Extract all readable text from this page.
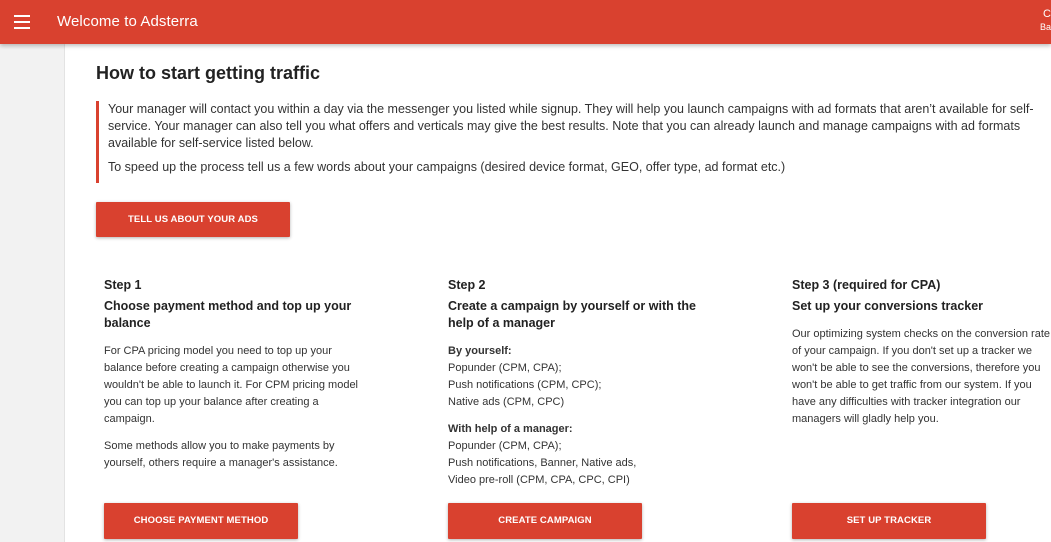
Welcome to Adsterra	C
Ba
How to start getting traffic

Your manager will contact you within a day via the messenger you listed while signup. They will help you launch campaigns with ad formats that aren’t available for self-service. Your manager can also tell you what offers and verticals may give the best results. Note that you can already launch and manage campaigns with ad formats available for self-service listed below.

To speed up the process tell us a few words about your campaigns (desired device format, GEO, offer type, ad format etc.)

TELL US ABOUT YOUR ADS
Step 1
Choose payment method and top up your balance

For CPA pricing model you need to top up your balance before creating a campaign otherwise you wouldn't be able to launch it. For CPM pricing model you can top up your balance after creating a campaign.

Some methods allow you to make payments by yourself, others require a manager's assistance.

Step 2
Create a campaign by yourself or with the help of a manager
By yourself:
Popunder (CPM, CPA);
Push notifications (CPM, CPC);
Native ads (CPM, CPC)
With help of a manager:
Popunder (CPM, CPA);
Push notifications, Banner, Native ads,
Video pre-roll (CPM, CPA, CPC, CPI)
Step 3 (required for CPA)
Set up your conversions tracker

Our optimizing system checks on the conversion rate of your campaign. If you don't set up a tracker we won't be able to see the conversions, therefore you won't be able to get traffic from our system. If you have any difficulties with tracker integration our managers will gladly help you.

CHOOSE PAYMENT METHOD	CREATE CAMPAIGN	SET UP TRACKER
